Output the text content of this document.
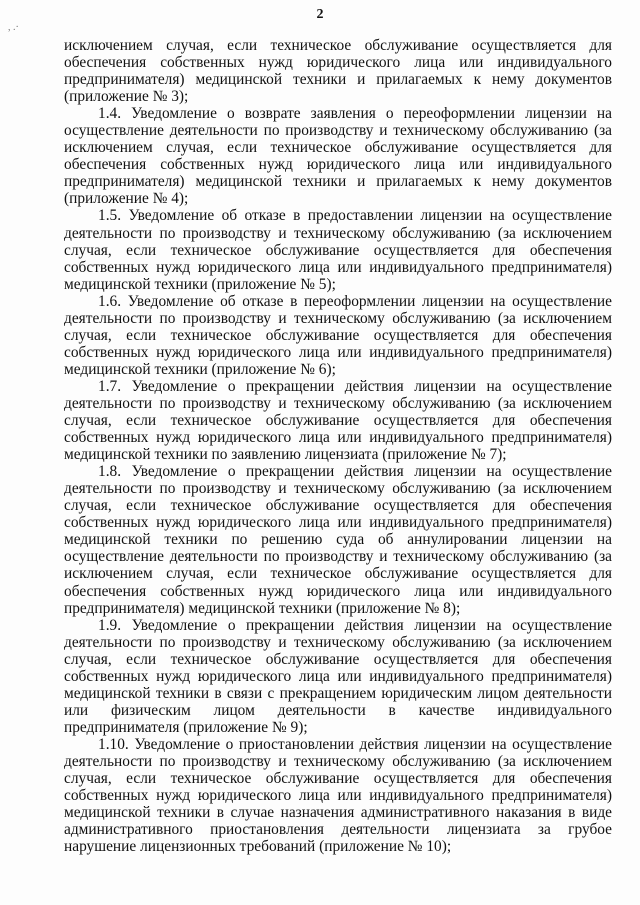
2
, .·

исключением случая, если техническое обслуживание осуществляется для обеспечения собственных нужд юридического лица или индивидуального предпринимателя) медицинской техники и прилагаемых к нему документов (приложение № 3);

1.4. Уведомление о возврате заявления о переоформлении лицензии на осуществление деятельности по производству и техническому обслуживанию (за исключением случая, если техническое обслуживание осуществляется для обеспечения собственных нужд юридического лица или индивидуального предпринимателя) медицинской техники и прилагаемых к нему документов (приложение № 4);

1.5. Уведомление об отказе в предоставлении лицензии на осуществление деятельности по производству и техническому обслуживанию (за исключением случая, если техническое обслуживание осуществляется для обеспечения собственных нужд юридического лица или индивидуального предпринимателя) медицинской техники (приложение № 5);

1.6. Уведомление об отказе в переоформлении лицензии на осуществление деятельности по производству и техническому обслуживанию (за исключением случая, если техническое обслуживание осуществляется для обеспечения собственных нужд юридического лица или индивидуального предпринимателя) медицинской техники (приложение № 6);

1.7. Уведомление о прекращении действия лицензии на осуществление деятельности по производству и техническому обслуживанию (за исключением случая, если техническое обслуживание осуществляется для обеспечения собственных нужд юридического лица или индивидуального предпринимателя) медицинской техники по заявлению лицензиата (приложение № 7);

1.8. Уведомление о прекращении действия лицензии на осуществление деятельности по производству и техническому обслуживанию (за исключением случая, если техническое обслуживание осуществляется для обеспечения собственных нужд юридического лица или индивидуального предпринимателя) медицинской техники по решению суда об аннулировании лицензии на осуществление деятельности по производству и техническому обслуживанию (за исключением случая, если техническое обслуживание осуществляется для обеспечения собственных нужд юридического лица или индивидуального предпринимателя) медицинской техники (приложение № 8);

1.9. Уведомление о прекращении действия лицензии на осуществление деятельности по производству и техническому обслуживанию (за исключением случая, если техническое обслуживание осуществляется для обеспечения собственных нужд юридического лица или индивидуального предпринимателя) медицинской техники в связи с прекращением юридическим лицом деятельности или физическим лицом деятельности в качестве индивидуального предпринимателя (приложение № 9);

1.10. Уведомление о приостановлении действия лицензии на осуществление деятельности по производству и техническому обслуживанию (за исключением случая, если техническое обслуживание осуществляется для обеспечения собственных нужд юридического лица или индивидуального предпринимателя) медицинской техники в случае назначения административного наказания в виде административного приостановления деятельности лицензиата за грубое нарушение лицензионных требований (приложение № 10);
